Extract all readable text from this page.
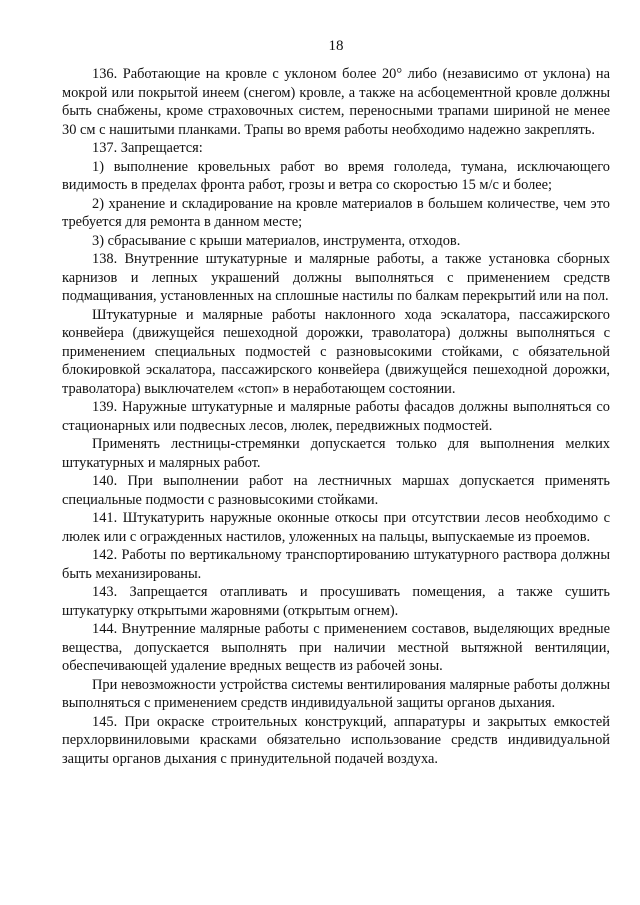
18

136. Работающие на кровле с уклоном более 20° либо (независимо от уклона) на мокрой или покрытой инеем (снегом) кровле, а также на асбоцементной кровле должны быть снабжены, кроме страховочных систем, переносными трапами шириной не менее 30 см с нашитыми планками. Трапы во время работы необходимо надежно закреплять.

137. Запрещается:

1) выполнение кровельных работ во время гололеда, тумана, исключающего видимость в пределах фронта работ, грозы и ветра со скоростью 15 м/с и более;

2) хранение и складирование на кровле материалов в большем количестве, чем это требуется для ремонта в данном месте;

3) сбрасывание с крыши материалов, инструмента, отходов.

138. Внутренние штукатурные и малярные работы, а также установка сборных карнизов и лепных украшений должны выполняться с применением средств подмащивания, установленных на сплошные настилы по балкам перекрытий или на пол.

Штукатурные и малярные работы наклонного хода эскалатора, пассажирского конвейера (движущейся пешеходной дорожки, траволатора) должны выполняться с применением специальных подмостей с разновысокими стойками, с обязательной блокировкой эскалатора, пассажирского конвейера (движущейся пешеходной дорожки, траволатора) выключателем «стоп» в неработающем состоянии.

139. Наружные штукатурные и малярные работы фасадов должны выполняться со стационарных или подвесных лесов, люлек, передвижных подмостей.

Применять лестницы-стремянки допускается только для выполнения мелких штукатурных и малярных работ.

140. При выполнении работ на лестничных маршах допускается применять специальные подмости с разновысокими стойками.

141. Штукатурить наружные оконные откосы при отсутствии лесов необходимо с люлек или с огражденных настилов, уложенных на пальцы, выпускаемые из проемов.

142. Работы по вертикальному транспортированию штукатурного раствора должны быть механизированы.

143. Запрещается отапливать и просушивать помещения, а также сушить штукатурку открытыми жаровнями (открытым огнем).

144. Внутренние малярные работы с применением составов, выделяющих вредные вещества, допускается выполнять при наличии местной вытяжной вентиляции, обеспечивающей удаление вредных веществ из рабочей зоны.

При невозможности устройства системы вентилирования малярные работы должны выполняться с применением средств индивидуальной защиты органов дыхания.

145. При окраске строительных конструкций, аппаратуры и закрытых емкостей перхлорвиниловыми красками обязательно использование средств индивидуальной защиты органов дыхания с принудительной подачей воздуха.
